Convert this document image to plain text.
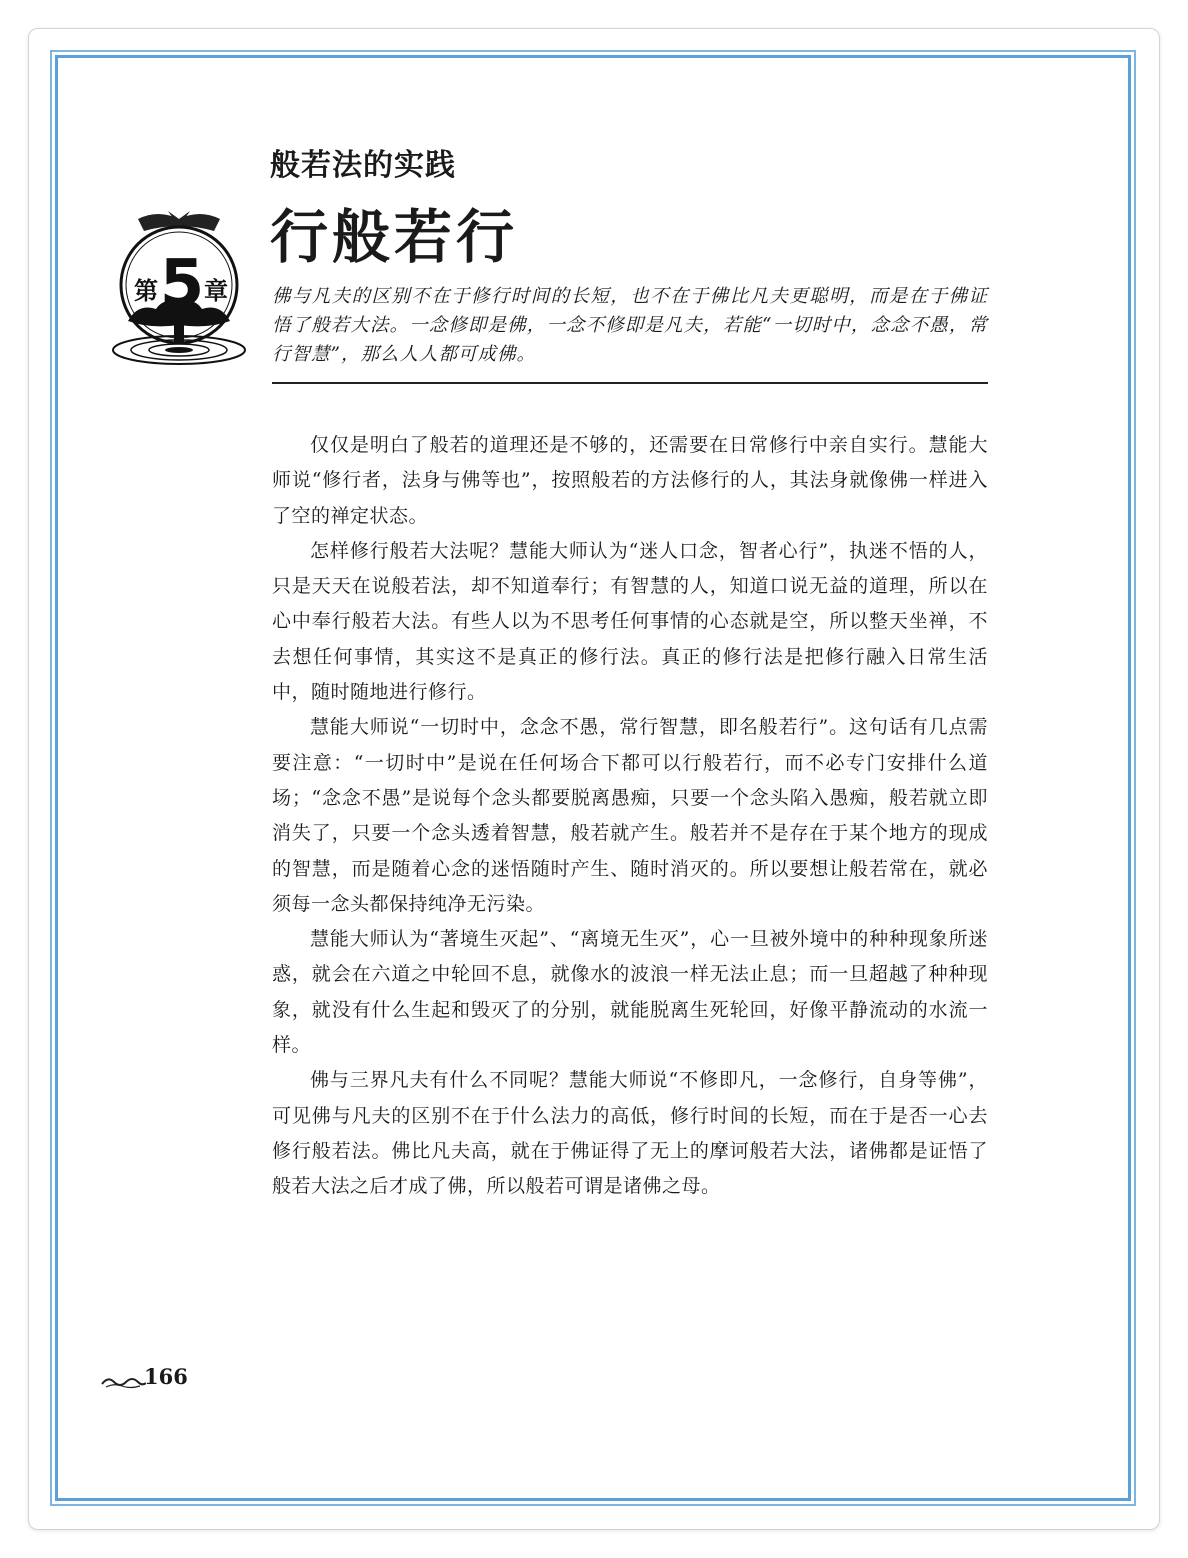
般若法的实践
行般若行
第 5 章 佛与凡夫的区别不在于修行时间的长短，也不在于佛比凡夫更聪明，而是在于佛证悟了般若大法。一念修即是佛，一念不修即是凡夫，若能“一切时中，念念不愚，常行智慧”，那么人人都可成佛。

仅仅是明白了般若的道理还是不够的，还需要在日常修行中亲自实行。慧能大师说“修行者，法身与佛等也”，按照般若的方法修行的人，其法身就像佛一样进入了空的禅定状态。

怎样修行般若大法呢？慧能大师认为“迷人口念，智者心行”，执迷不悟的人，只是天天在说般若法，却不知道奉行；有智慧的人，知道口说无益的道理，所以在心中奉行般若大法。有些人以为不思考任何事情的心态就是空，所以整天坐禅，不去想任何事情，其实这不是真正的修行法。真正的修行法是把修行融入日常生活中，随时随地进行修行。

慧能大师说“一切时中，念念不愚，常行智慧，即名般若行”。这句话有几点需要注意：“一切时中”是说在任何场合下都可以行般若行，而不必专门安排什么道场；“念念不愚”是说每个念头都要脱离愚痴，只要一个念头陷入愚痴，般若就立即消失了，只要一个念头透着智慧，般若就产生。般若并不是存在于某个地方的现成的智慧，而是随着心念的迷悟随时产生、随时消灭的。所以要想让般若常在，就必须每一念头都保持纯净无污染。

慧能大师认为“著境生灭起”、“离境无生灭”，心一旦被外境中的种种现象所迷惑，就会在六道之中轮回不息，就像水的波浪一样无法止息；而一旦超越了种种现象，就没有什么生起和毁灭了的分别，就能脱离生死轮回，好像平静流动的水流一样。

佛与三界凡夫有什么不同呢？慧能大师说“不修即凡，一念修行，自身等佛”，可见佛与凡夫的区别不在于什么法力的高低，修行时间的长短，而在于是否一心去修行般若法。佛比凡夫高，就在于佛证得了无上的摩诃般若大法，诸佛都是证悟了般若大法之后才成了佛，所以般若可谓是诸佛之母。

166
